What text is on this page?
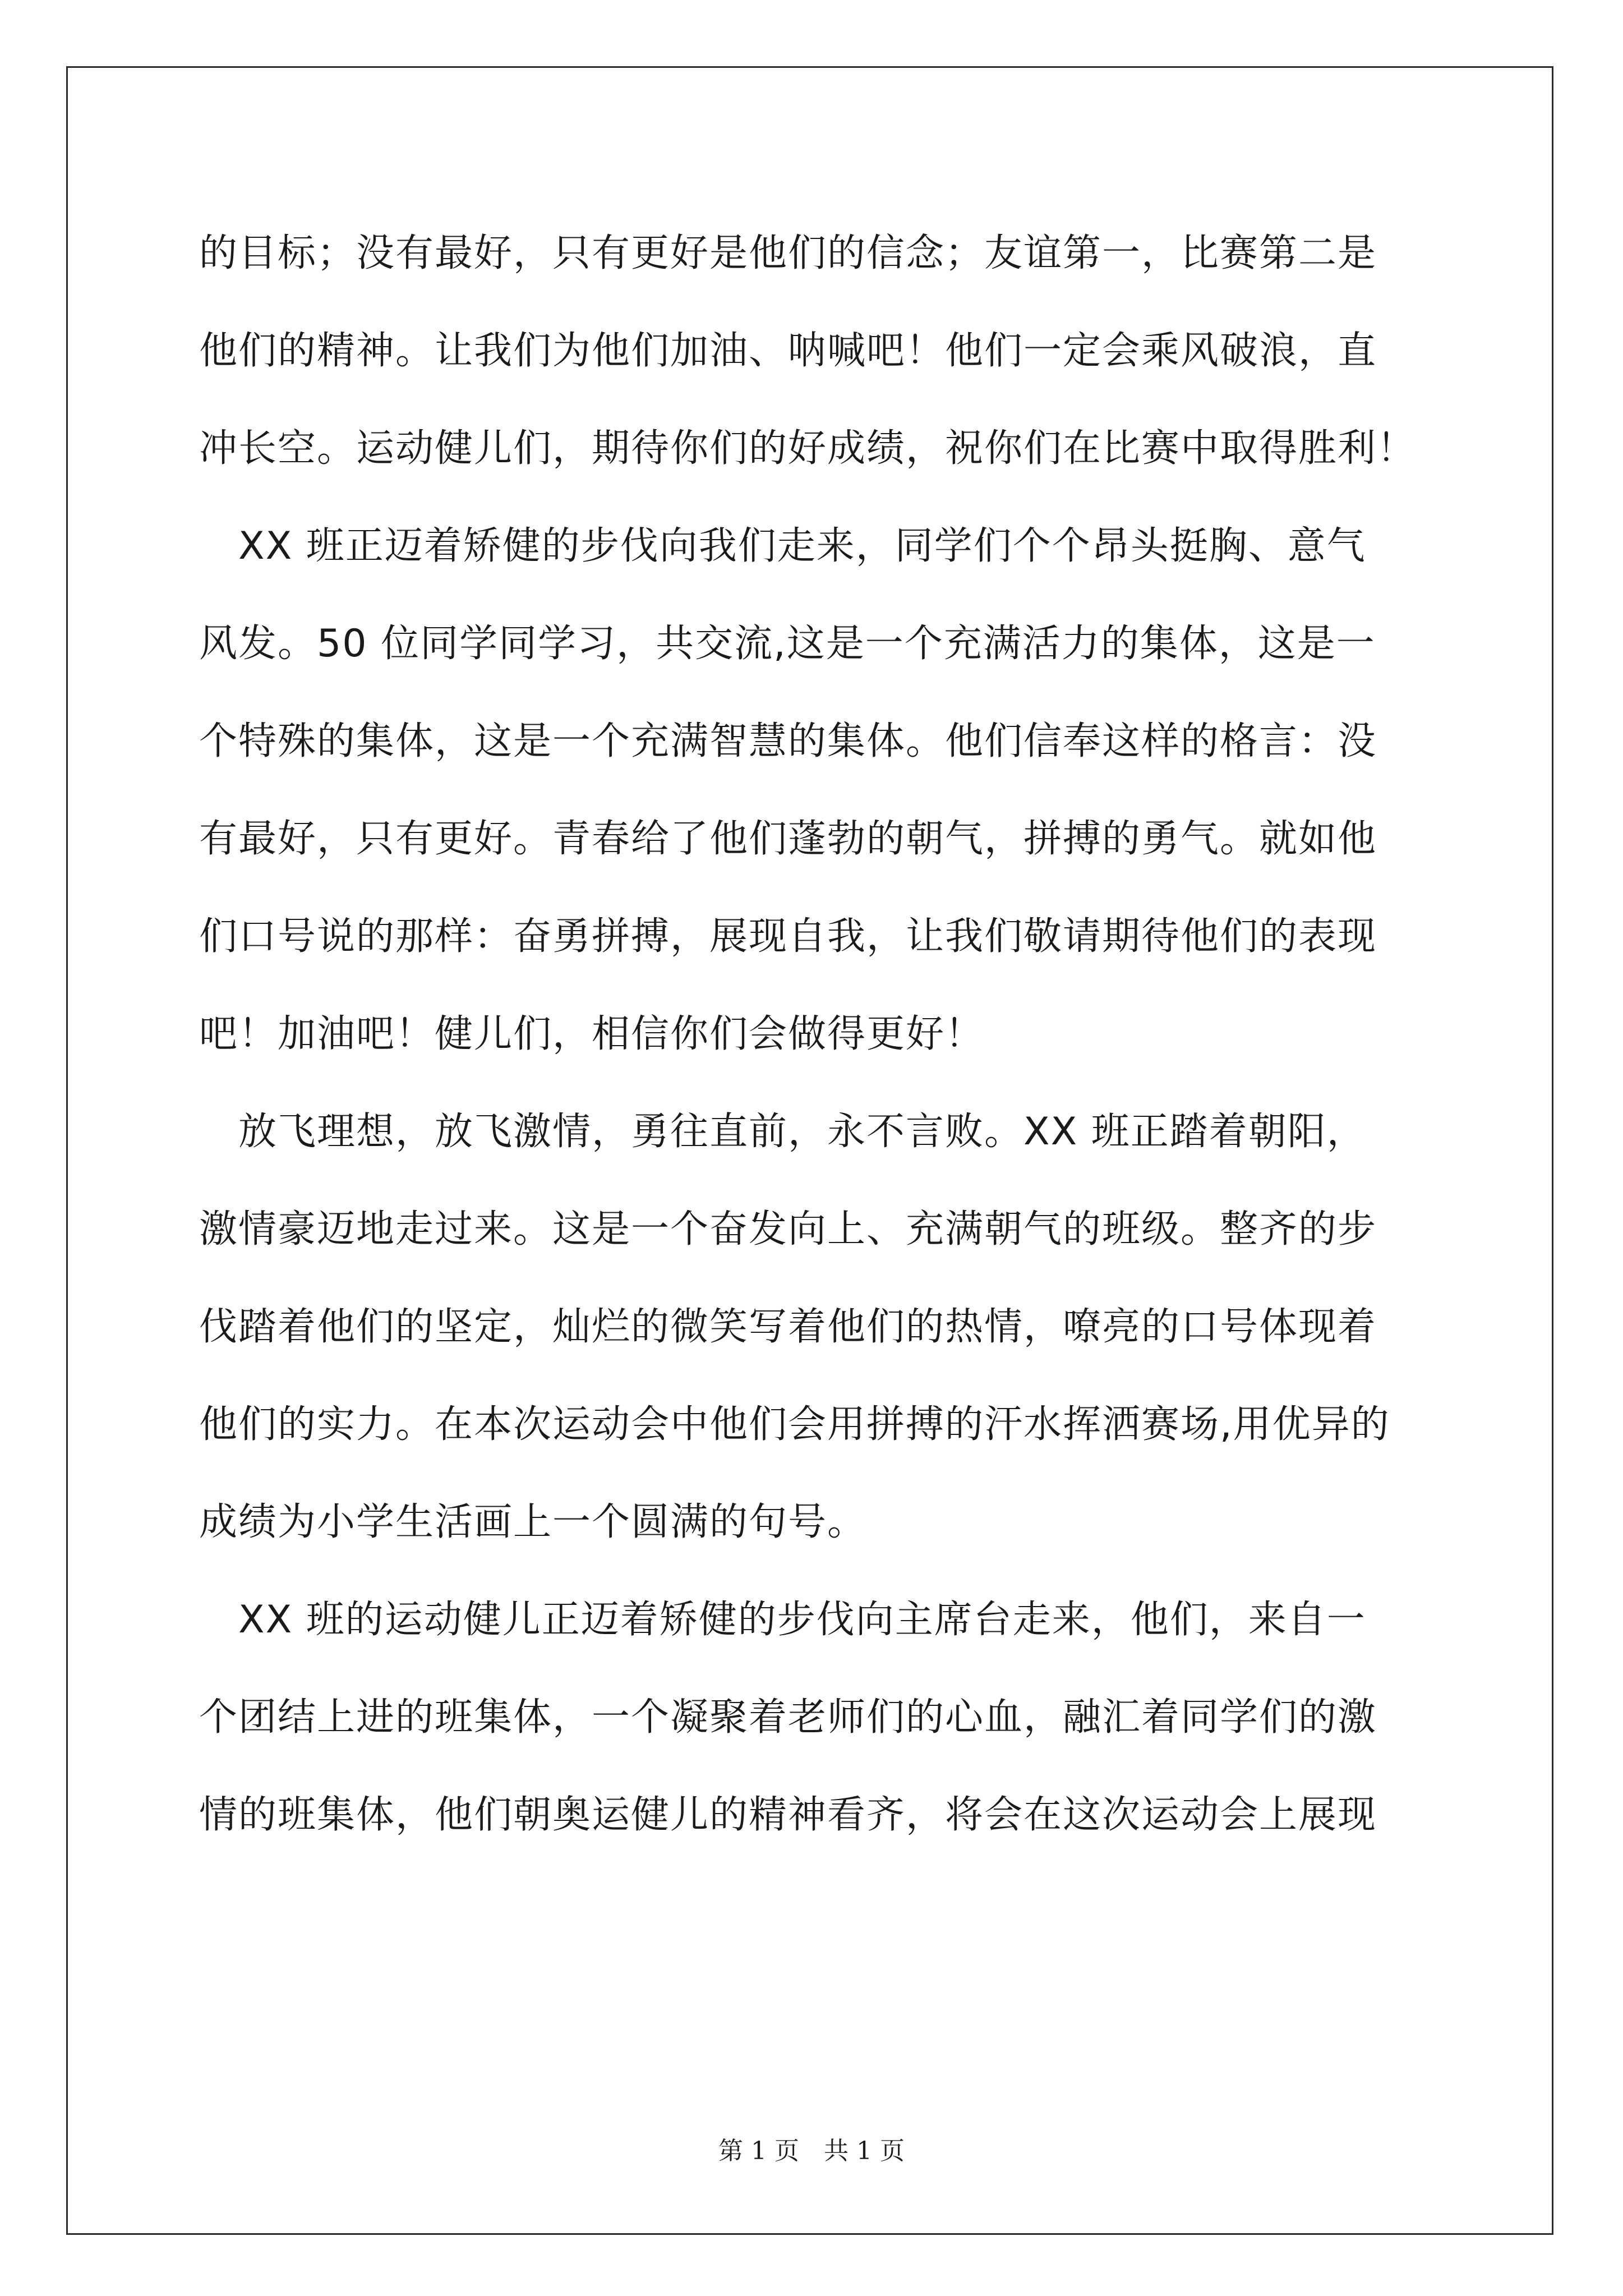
的目标；没有最好，只有更好是他们的信念；友谊第一，比赛第二是
他们的精神。让我们为他们加油、呐喊吧！他们一定会乘风破浪，直
冲长空。运动健儿们，期待你们的好成绩，祝你们在比赛中取得胜利！
　XX 班正迈着矫健的步伐向我们走来，同学们个个昂头挺胸、意气
风发。50 位同学同学习，共交流,这是一个充满活力的集体，这是一
个特殊的集体，这是一个充满智慧的集体。他们信奉这样的格言：没
有最好，只有更好。青春给了他们蓬勃的朝气，拼搏的勇气。就如他
们口号说的那样：奋勇拼搏，展现自我，让我们敬请期待他们的表现
吧！加油吧！健儿们，相信你们会做得更好！
　放飞理想，放飞激情，勇往直前，永不言败。XX 班正踏着朝阳，
激情豪迈地走过来。这是一个奋发向上、充满朝气的班级。整齐的步
伐踏着他们的坚定，灿烂的微笑写着他们的热情，嘹亮的口号体现着
他们的实力。在本次运动会中他们会用拼搏的汗水挥洒赛场,用优异的
成绩为小学生活画上一个圆满的句号。
　XX 班的运动健儿正迈着矫健的步伐向主席台走来，他们，来自一
个团结上进的班集体，一个凝聚着老师们的心血，融汇着同学们的激
情的班集体，他们朝奥运健儿的精神看齐，将会在这次运动会上展现
第 1 页　共 1 页
